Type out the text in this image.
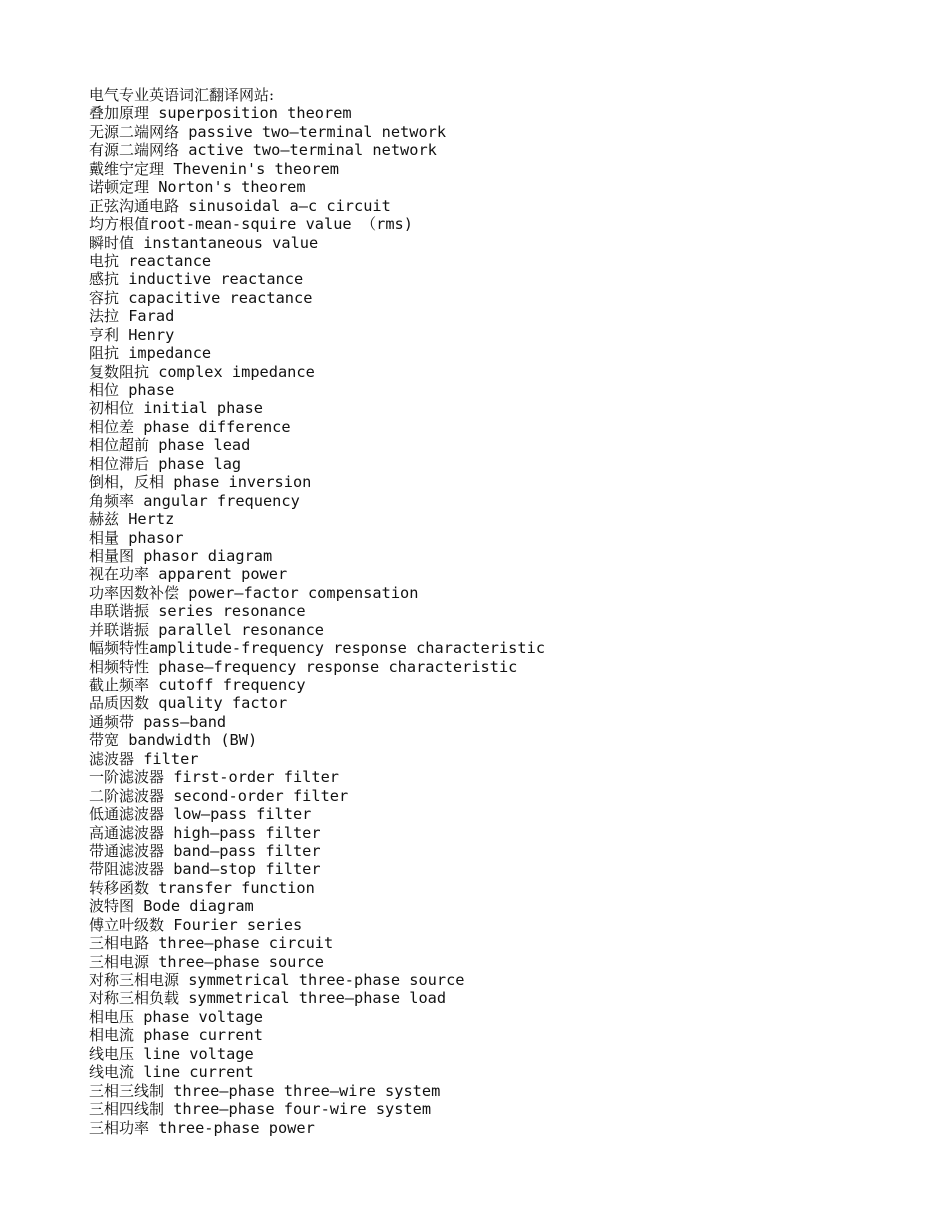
电气专业英语词汇翻译网站:
叠加原理 superposition theorem
无源二端网络 passive two—terminal network
有源二端网络 active two—terminal network
戴维宁定理 Thevenin's theorem
诺顿定理 Norton's theorem
正弦沟通电路 sinusoidal a—c circuit
均方根值root-mean-squire value （rms)
瞬时值 instantaneous value
电抗 reactance
感抗 inductive reactance
容抗 capacitive reactance
法拉 Farad
亨利 Henry
阻抗 impedance
复数阻抗 complex impedance
相位 phase
初相位 initial phase
相位差 phase difference
相位超前 phase lead
相位滞后 phase lag
倒相，反相 phase inversion
角频率 angular frequency
赫兹 Hertz
相量 phasor
相量图 phasor diagram
视在功率 apparent power
功率因数补偿 power—factor compensation
串联谐振 series resonance
并联谐振 parallel resonance
幅频特性amplitude-frequency response characteristic
相频特性 phase—frequency response characteristic
截止频率 cutoff frequency
品质因数 quality factor
通频带 pass—band
带宽 bandwidth (BW)
滤波器 filter
一阶滤波器 first-order filter
二阶滤波器 second-order filter
低通滤波器 low—pass filter
高通滤波器 high—pass filter
带通滤波器 band—pass filter
带阻滤波器 band—stop filter
转移函数 transfer function
波特图 Bode diagram
傅立叶级数 Fourier series
三相电路 three—phase circuit
三相电源 three—phase source
对称三相电源 symmetrical three-phase source
对称三相负载 symmetrical three—phase load
相电压 phase voltage
相电流 phase current
线电压 line voltage
线电流 line current
三相三线制 three—phase three—wire system
三相四线制 three—phase four-wire system
三相功率 three-phase power
